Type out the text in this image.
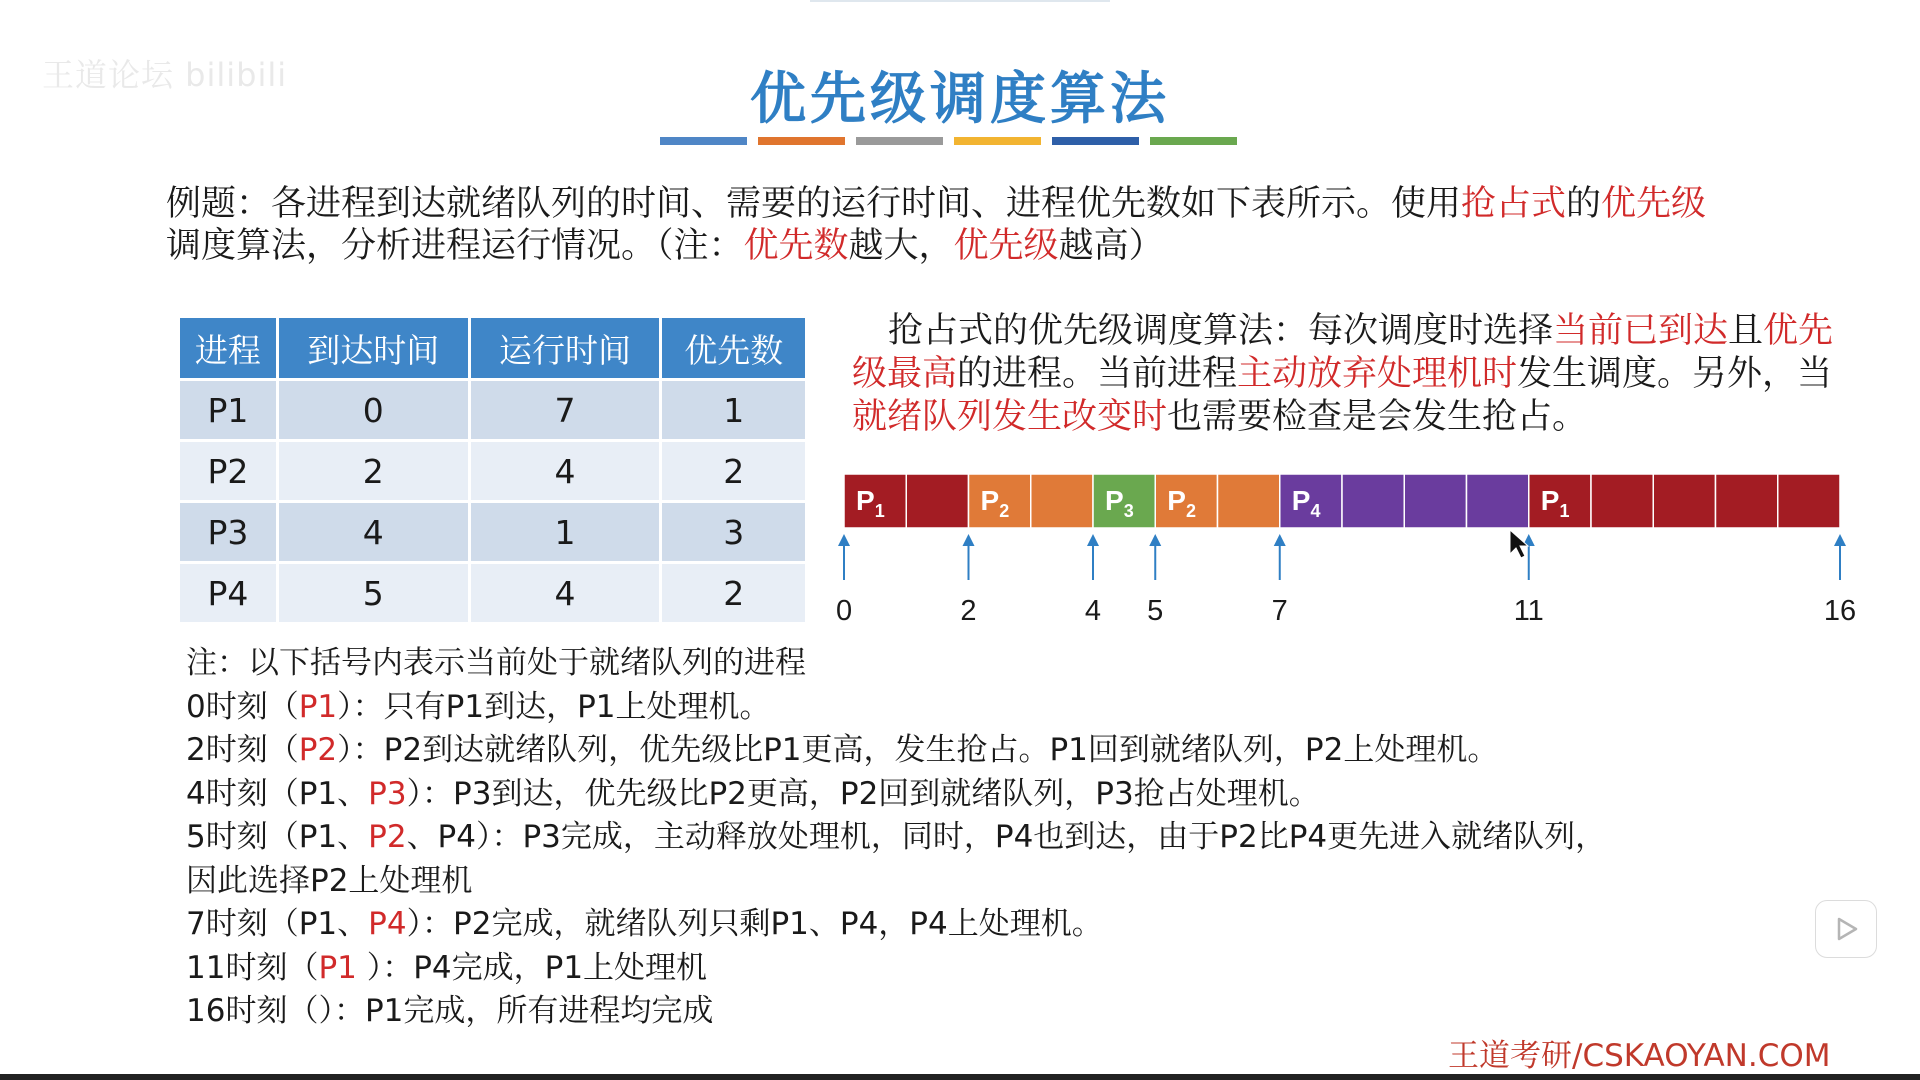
王道论坛 bilibili	优先级调度算法
例题：各进程到达就绪队列的时间、需要的运行时间、进程优先数如下表所示。使用抢占式的优先级
调度算法，分析进程运行情况。（注：优先数越大，优先级越高）
进程	到达时间	运行时间	优先数
P1	0	7	1
P2	2	4	2
P3	4	1	3
P4	5	4	2
抢占式的优先级调度算法：每次调度时选择当前已到达且优先级最高的进程。当前进程主动放弃处理机时发生调度。另外，当就绪队列发生改变时也需要检查是会发生抢占。
$P_1$	$P_2$	$P_3$ $P_2$	$P_4$	$P_1$
0	2	4 5	7	11	16
注：以下括号内表示当前处于就绪队列的进程
0时刻（P1）：只有P1到达，P1上处理机。
2时刻（P2）：P2到达就绪队列，优先级比P1更高，发生抢占。P1回到就绪队列，P2上处理机。
4时刻（P1、P3）：P3到达，优先级比P2更高，P2回到就绪队列，P3抢占处理机。
5时刻（P1、P2、P4）：P3完成，主动释放处理机，同时，P4也到达，由于P2比P4更先进入就绪队列，
因此选择P2上处理机
7时刻（P1、P4）：P2完成，就绪队列只剩P1、P4，P4上处理机。
11时刻（P1 ）：P4完成，P1上处理机
16时刻（）：P1完成，所有进程均完成
王道考研/CSKAOYAN.COM
